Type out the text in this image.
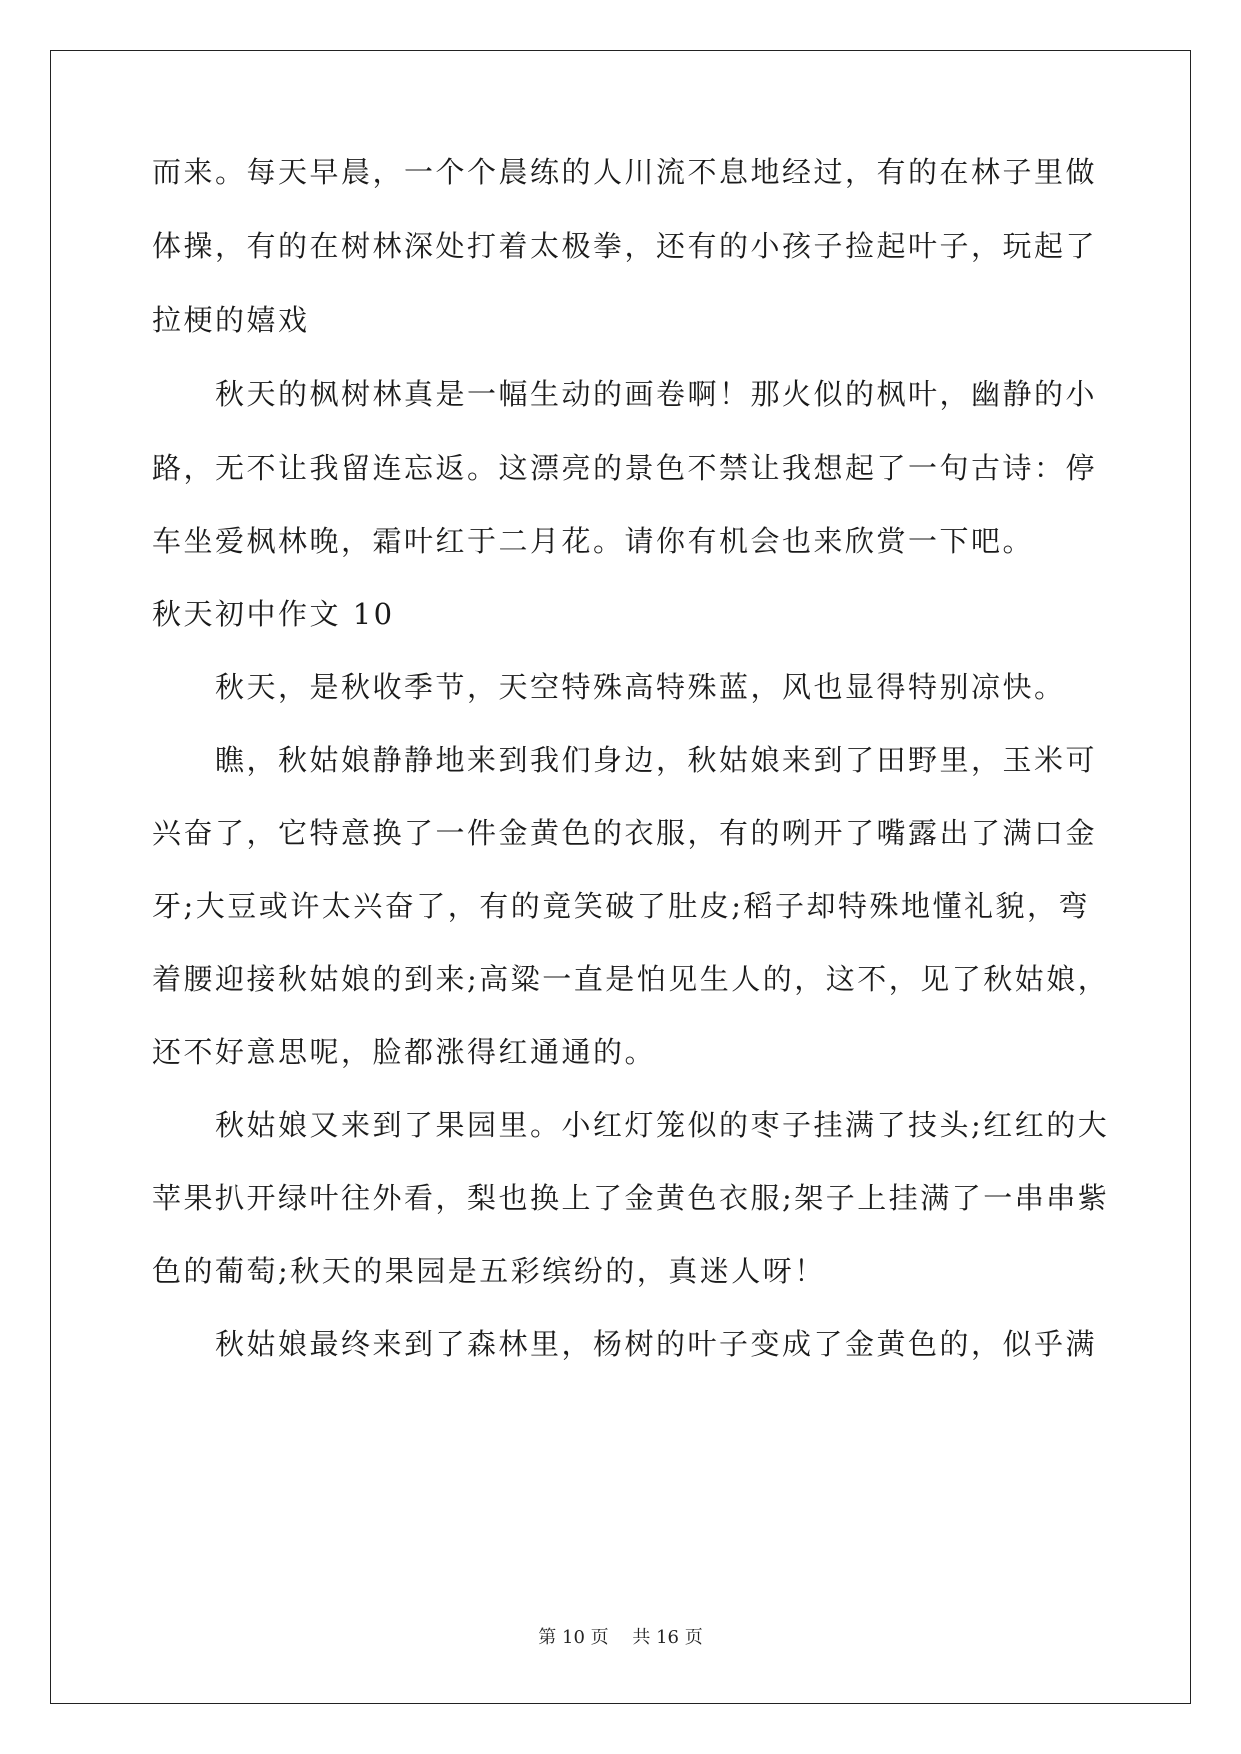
而来。每天早晨，一个个晨练的人川流不息地经过，有的在林子里做
体操，有的在树林深处打着太极拳，还有的小孩子捡起叶子，玩起了
拉梗的嬉戏
秋天的枫树林真是一幅生动的画卷啊！那火似的枫叶，幽静的小
路，无不让我留连忘返。这漂亮的景色不禁让我想起了一句古诗：停
车坐爱枫林晚，霜叶红于二月花。请你有机会也来欣赏一下吧。
秋天初中作文 10
秋天，是秋收季节，天空特殊高特殊蓝，风也显得特别凉快。
瞧，秋姑娘静静地来到我们身边，秋姑娘来到了田野里，玉米可
兴奋了，它特意换了一件金黄色的衣服，有的咧开了嘴露出了满口金
牙;大豆或许太兴奋了，有的竟笑破了肚皮;稻子却特殊地懂礼貌，弯
着腰迎接秋姑娘的到来;高粱一直是怕见生人的，这不，见了秋姑娘，
还不好意思呢，脸都涨得红通通的。
秋姑娘又来到了果园里。小红灯笼似的枣子挂满了技头;红红的大
苹果扒开绿叶往外看，梨也换上了金黄色衣服;架子上挂满了一串串紫
色的葡萄;秋天的果园是五彩缤纷的，真迷人呀！
秋姑娘最终来到了森林里，杨树的叶子变成了金黄色的，似乎满
第 10 页　 共 16 页
